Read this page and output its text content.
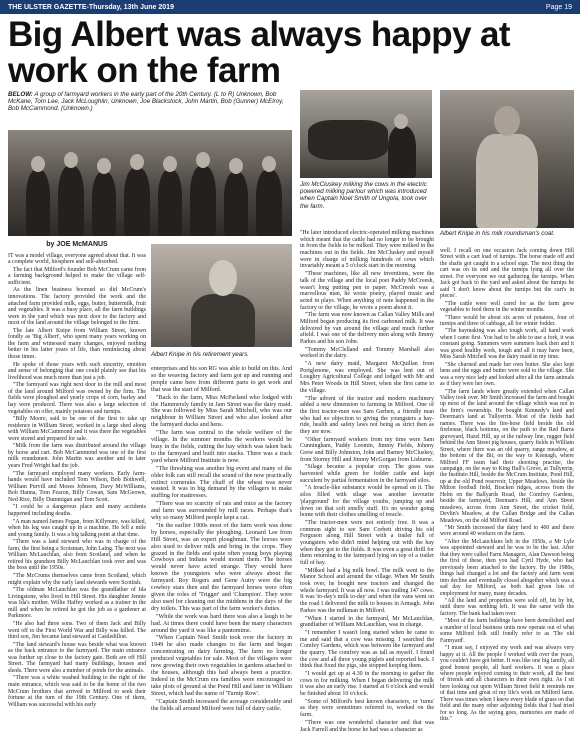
THE ULSTER GAZETTE-Thursday, 13th June 2019	Page 19
Big Albert was always happy at work on the farm
BELOW: A group of farmyard workers in the early part of the 20th Century. (L to R) Unknown, Bob McKane, Tom Lee, Jack McLoughlin, Unknown, Joe Blackstock, John Martin, Bob (Gunner) McElroy, Bob McCammond. (Unknown.)
Jim McCluskey milking the cows in the electric powered milking parlour which was introduced when Captain Noel Smith of Ungola, took over the farm.
Albert Knipe in his milk roundsman's coat.
Albert Knipe in his retirement years.
by JOE McMANUS

IT was a model village, everyone agreed about that. It was a complete world, biosphere and self-absorbed.

The fact that Milford's founder Bob McCrum came from a farming background helped to make the village self-sufficient.

As the linen business boomed so did McCrum's innovations. The factory provided the work and the attached farm provided milk, eggs, butter, buttermilk, fruit and vegetables. It was a busy place, all the farm buildings were in the yard which was next door to the factory and most of the land around the village belonged to the firm.

The late Albert Knipe from William Street, known fondly as 'Big Albert', who spent many years working on the farm and witnessed many changes, enjoyed nothing better in his latter years of life, than reminiscing about those times.

He spoke of those years with such sincerity, emotion and sense of belonging that one could plainly see that his livelihood was much more than just a job.

"The farmyard was right next door to the mill and most of the land around Milford was owned by the firm. The fields were ploughed and yearly crops of corn, barley and hay were produced. There was also a large selection of vegetables on offer, mainly potatoes and turnips.

"Billy Moore, said to be one of the first to take up residence in William Street, worked in a large shed along with William McCammond and it was there the vegetables were stored and prepared for sale.

"Milk from the farm was distributed around the village by horse and cart. Bob McCammond was one of the first milk roundsmen. John Martin was another and in later years Fred Wright had the job.

"The farmyard employed many workers. Early farm-hands would have included Tom Wilson, Bob Bothwell, William Purvill and Moses Johnson, Davy McWilliams, Bob Hanna, Tom Fearon, Billy Cowan, Sam McGeown, Ned Rice, Billy Dummigan and Tom Scott.

"I could be a dangerous place and many accidents happened including deaths.

"A man named James Fegan, from Killynure, was killed, when his leg was caught up in a machine. He fell a mile and young family. It was a big talking point at that time.

"There was a land steward who was in charge of the farm, the first being a Scotsman, John Laing. The next was William McLauchlan, also from Scotland, and when he retired his grandson Billy McLauchlan took over and was the boss until the 1950s.

"The McCrums themselves came from Scotland, which might explain why the early land stewards were Scottish.

"The oldman McLauchlan was the grandfather of Ida Livingstone, who lived in Hill Street. His daughter Jennie was Ida's mother. Willie Haffey worked as a trainer in the mill and when he retired he got the job as a gardener at Parkmore.

"He also had three sons. Two of them Jack and Billy went off to the First World War and Billy was killed. The third son, Jim became land steward at Castledillon.

"The land steward's house was beside what was known as the back entrance to the farmyard. The main entrance was further up close to the factory gate. Both are off Hill Street. The farmyard had many buildings, houses and sheds. There were also a number of ponds for the animals.

"There was a white washed building to the right of the main entrance, which was said to be the home of the two McCrum brothers that arrived in Milford to seek their fortune at the turn of the 19th Century. One of them, William was successful with his early

enterprises and his son RG was able to build on this. And so the weaving factory and farm got up and running and people came here from different parts to get work and that was the start of Milford.

"Back to the farm, Miss McParland who lodged with the Hammersly family in Jam Street was the dairy maid. She was followed by Miss Sarah Mitchell, who was our neighbour in William Street and who also looked after the farmyard ducks and hens.

"The farm was central to the whole welfare of the village. In the summer months the workers would be busy in the fields, cutting the hay which was taken back to the farmyard and built into stacks. There was a track yard where Milford Institute is now.

"The threshing was another big event and many of the older folk can still recall the sound of the now practically extinct cornerake. The chaff of the wheat was never wasted. It was in big demand by the villagers to make stuffing for mattresses.

"There was no scarcity of rats and mice as the factory and farm was surrounded by mill races. Perhaps that's why so many Milford people kept a cat.

"In the earlier 1900s most of the farm work was done by horses, especially the ploughing. Leonard Lee from Hill Street, was an expert ploughman. The horses were also used to deliver milk and bring in the crops. They grazed in the fields and quite often young boys playing Cowboys and Indians would mount them. The horses would never have acted strange. They would have known the youngsters who were always about the farmyard. Roy Rogers and Gene Autry were the big cowboy stars then and the farmyard horses were often given the roles of 'Trigger' and 'Champion'. They were also used for cleaning out the middens in the days of the dry toilets. This was part of the farm worker's duties.

"While the work was hard there was also a laugh to be had. At times there could have been the many characters around the yard it was like a pantomime.

"When Captain Noel Smith took over the factory in 1949 he also made changes to the farm and began concentrating on dairy farming. The farm no longer produced vegetables for sale. Most of the villagers were now growing their own vegetables in gardens attached to the houses, although this had always been a practice. Indeed in the McCrum era families were encouraged to take plots of ground at the Pond Hill and later in William Street, which had the name of 'Turnip Row'.

"Captain Smith increased the acreage considerably and the fields all around Milford were full of dairy cattle.

"He later introduced electric-operated milking machines which meant that the cattle had no longer to be brought in from the fields to be milked. They were milked in the machines out in the fields. Jim McCluskey and myself were in charge of milking hundreds of cows which invariably meant a 5 o'clock start in the morning.

"These machines, like all new inventions, were the talk of the village and the local poet Paddy McCreesh, wasn't long putting pen to paper. McCreesh was a marvellous man, he wrote poetry, played music and acted in plays. When anything of note happened in the factory or the village, he wrote a poem about it.

"The farm was now known as Callan Valley Mills and Milford began producing its first carboned milk. It was delivered by van around the village and much further afield. I was one of the delivery men along with Jimmy Parkes and his son John.

"Tommy McClelland and Tommy Marshall also worked in the dairy.

"A new dairy maid, Margaret McQuillan from Portglenone, was employed. She was lent out of Loughry Agricultural College and lodged with Mr and Mrs Peter Woods in Hill Street, when she first came to the village.

"The advent of the tractor and modern machinery added a new dimension to farming in Milford. One of the first tractor-men was Sam Gerben, a friendly man who had no objection to giving the youngsters a hay-ride, health and safety laws not being as strict then as they are now.

"Other farmyard workers from my time were Sam Cunningham, Paddy Loomin, Jimmy Fields, Johnny Grew and Billy Johnston, John and Barney McCluskey, from Stormy Hill and Jimmy McGorgan from Lisburne.

"Silage became a popular crop. The grass was harvested while green for fodder cattle and kept succulent by partial fermentation in the farmyard silos.

"A treacle-like substance would be spread on it. The silos filled with silage was another favourite 'playground' for the village youths, jumping up and down on that soft smelly stuff. It's no wonder going home with their clothes smelling of treacle.

"The tractor-men were not entirely free. It was a common sight to see Sam Corbett driving his old Ferguson along Hill Street with a trailer full of youngsters who didn't mind helping out with the hay when they got to the fields. It was even a great thrill for them returning to the farmyard lying on top of a trailer full of hay.

"Milked had a big milk bowl. The milk went to the Manor School and around the village. When Mr Smith took over, he bought new tractors and changed the whole farmyard. It was all now. I was trailing 147 cows. It was 'to-day's milk to-day' and when the vans went on the road I delivered the milk to houses in Armagh. John Parkes was the milkman in Milford.

"When I started in the farmyard, Mr McLauchlan, grandfather of William McLauchlan, was in charge.

"I remember I wasn't long started when he came to me and said that a cow was missing. I searched the Comfey Gardens, which was between the farmyard and the quarry. The comfrey was as tall as myself. I found the cow and all three young piglets and reported back. I think that fixed the pigs, she stopped keeping them.

"I would get up at 4.30 in the morning to gather the cows in for milking. When I began delivering the milk it was also an early rise. I started at 6 o'clock and would be finished about 10 o'clock.

"Some of Milford's best known characters, or 'turns' as they were sometimes referred to, worked on the farm.

"There was one wonderful character and that was Jack Farrell and the horse he had was a character as

well. I recall on one occasion Jack coming down Hill Street with a cart load of turnips. The horse made off and the shafts got caught in a school sign. The next thing the cart was on its end and the turnips lying all over the street. For everyone we out gathering the turnips. When Jack got back to the yard and asked about the turnips he said 'I don't know about the turnips but the cart's in pieces'.

"The cattle were well cared for as the farm grew vegetables to feed them in the winter months.

"There would be about six acres of potatoes, four of turnips and three of cabbage, all for winter fodder.

"The haymaking was also tough work, all hand work when I came first. You had to be able to use a fork, it was constant going. Summers were summers back then and it was good healthy work, tough and all it may have been, Miss Sarah Mitchell was the dairy maid in my time.

"She churned and made her own butter. She also kept hens and the eggs and butter were sold to the village. She was a very nice lady and looked after all the farm animals as if they were her own.

"The farm lands where greatly extended when Callan Valley took over. Mr Smith increased the farm and bought up most of the land around the village which was not in the firm's ownership. He bought Kennedy's land and Deerman's land at Tullyerrin. Most of the fields had names. There was the fire-hose field beside the old firehouse, black bottoms, on the path to the Red Barns graveyard, Hazel Hill, up at the railway line, rugger field behind the Ann Street pig houses, quarry fields in William Street, where there was an old quarry, range meadow, at the bottom of the Bit, on the way to Keenagh, where Milford FF team had their shooting practise, the campaign, on the way to King Hall's Grove, at Tullyerrin, the Instituto Hill, beside the McCrum Institute, Pond Hill, up at the old Pond reservoir, Upper Meadows, beside the Milton football field, Bracken ridges, across from the Helm on the Ballyards Road, the Comfrey Gardens, beside the farmyard, Deeman's Hill, and Ann Street meadows, across from Ann Street, the cricket field, Devlin's Meadow, at the Callan Bridge and the Callan Meadows, on the old Milford Road.

"Mr Smith increased the dairy herd to 400 and there were around 40 workers on the farm.

"After the McLauchlans left in the 1950s, a Mr Lyle was appointed steward and he was to be the last. After that they were called Farm Managers, Alan Dawson being the first of these, then you had Cyril Hyde, who had previously been attached to the factory. By the 1980s, things had changed a lot and the factory and farm went into decline and eventually closed altogether which was a sad day for Milford, as both had given lots of employment for many, many decades.

"All the land and properties were sold off, bit by bit, until there was nothing left. It was the same with the factory. The bank had taken over.

"Most of the farm buildings have been demolished and a number of local business units now operate out of what some Milford folk still fondly refer to as 'The old Farmyard'.

"I must say, I enjoyed my work and was always very happy at it. All the people I worked with over the years, you couldn't have got better. It was like one big family, all good honest people, all hard workers. It was a place where people enjoyed coming to their work, all the best of friends and all characters in their own right. As I sit here looking out upon William Street field it reminds me of that time and great of my life's work on Milford farm. There was times when I knew every blade of grass on that field and the many other adjoining fields that I had tried for so long. As the saying goes, memories are made of this."
